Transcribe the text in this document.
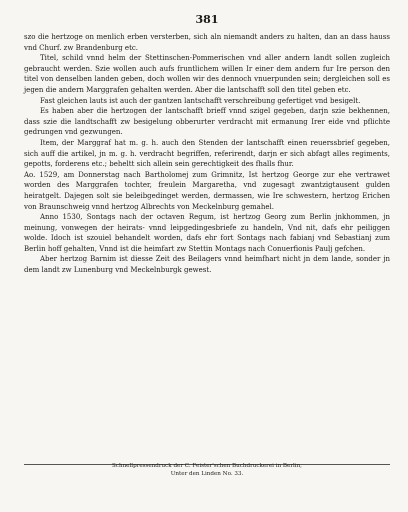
381

szo die hertzoge on menlich erben versterben, sich aln niemandt anders zu halten, dan an dass hauss vnd Churf. zw Brandenburg etc.

Titel, schild vnnd helm der Stettinschen-Pommerischen vnd aller andern landt sollen zugleich gebraucht werden. Szie wollen auch aufs fruntlichem willen Ir einer dem andern fur Ire person den titel von denselben landen geben, doch wollen wir des dennoch vnuerpunden sein; dergleichen soll es jegen die andern Marggrafen gehalten werden. Aber die lantschafft soll den titel geben etc.

Fast gleichen lauts ist auch der gantzen lantschafft verschreibung gefertiget vnd besigelt.

Es haben aber die hertzogen der lantschafft brieff vnnd szigel gegeben, darjn szie bekhennen, dass szie die landtschafft zw besigelung obberurter verdracht mit ermanung Irer eide vnd pflichte gedrungen vnd gezwungen.

Item, der Marggraf hat m. g. h. auch den Stenden der lantschafft einen reuerssbrief gegeben, sich auff die artikel, jn m. g. h. verdracht begriffen, referirendt, darjn er sich abfagt alles regiments, gepotts, forderens etc.; beheltt sich allein sein gerechtigkeit des fhalls fhur.

Ao. 1529, am Donnerstag nach Bartholomej zum Grimnitz, Ist hertzog George zur ehe vertrawet worden des Marggrafen tochter, freulein Margaretha, vnd zugesagt zwantzigtausent gulden heiratgelt. Dajegen solt sie beleibgedinget werden, dermassen, wie Ire schwestern, hertzog Erichen von Braunschweig vnnd hertzog Albrechts von Meckelnburg gemahel.

Anno 1530, Sontags nach der octaven Regum, ist hertzog Georg zum Berlin jnkhommen, jn meinung, vonwegen der heirats- vnnd leipgedingesbriefe zu handeln, Vnd nit, dafs ehr peiliggen wolde. Idoch ist szouiel behandelt worden, dafs ehr fort Sontags nach fabianj vnd Sebastianj zum Berlin hoff gehalten, Vnnd ist die heimfart zw Stettin Montags nach Conuerfionis Paulj gefchen.

Aber hertzog Barnim ist diesse Zeit des Beilagers vnnd heimfhart nicht jn dem lande, sonder jn dem landt zw Lunenburg vnd Meckelnburgk gewest.

Schnellpressendruck der C. Feister'schen Buchdruckerei in Berlin,
Unter den Linden No. 33.
